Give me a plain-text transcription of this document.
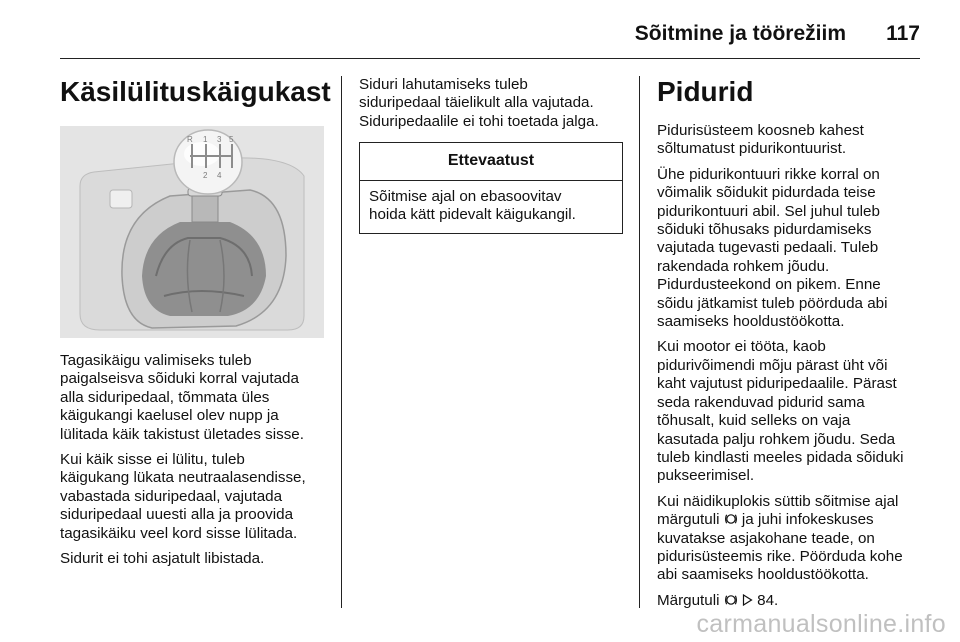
Sõitmine ja töörežiim 117
Käsilülituskäigukast
R 1 3 5
2 4

Tagasikäigu valimiseks tuleb
paigalseisva sõiduki korral vajutada
alla siduripedaal, tõmmata üles
käigukangi kaelusel olev nupp ja
lülitada käik takistust ületades sisse.

Kui käik sisse ei lülitu, tuleb
käigukang lükata neutraalasendisse,
vabastada siduripedaal, vajutada
siduripedaal uuesti alla ja proovida
tagasikäiku veel kord sisse lülitada.

Sidurit ei tohi asjatult libistada.

Siduri lahutamiseks tuleb
siduripedaal täielikult alla vajutada.
Siduripedaalile ei tohi toetada jalga.

Ettevaatust
Sõitmise ajal on ebasoovitav
hoida kätt pidevalt käigukangil.
Pidurid

Pidurisüsteem koosneb kahest
sõltumatust pidurikontuurist.

Ühe pidurikontuuri rikke korral on
võimalik sõidukit pidurdada teise
pidurikontuuri abil. Sel juhul tuleb
sõiduki tõhusaks pidurdamiseks
vajutada tugevasti pedaali. Tuleb
rakendada rohkem jõudu.
Pidurdusteekond on pikem. Enne
sõidu jätkamist tuleb pöörduda abi
saamiseks hooldustöökotta.

Kui mootor ei tööta, kaob
pidurivõimendi mõju pärast üht või
kaht vajutust piduripedaalile. Pärast
seda rakenduvad pidurid sama
tõhusalt, kuid selleks on vaja
kasutada palju rohkem jõudu. Seda
tuleb kindlasti meeles pidada sõiduki
pukseerimisel.

Kui näidikuplokis süttib sõitmise ajal
märgutuli  ja juhi infokeskuses
kuvatakse asjakohane teade, on
pidurisüsteemis rike. Pöörduda kohe
abi saamiseks hooldustöökotta.

Märgutuli   84.

carmanualsonline.info
